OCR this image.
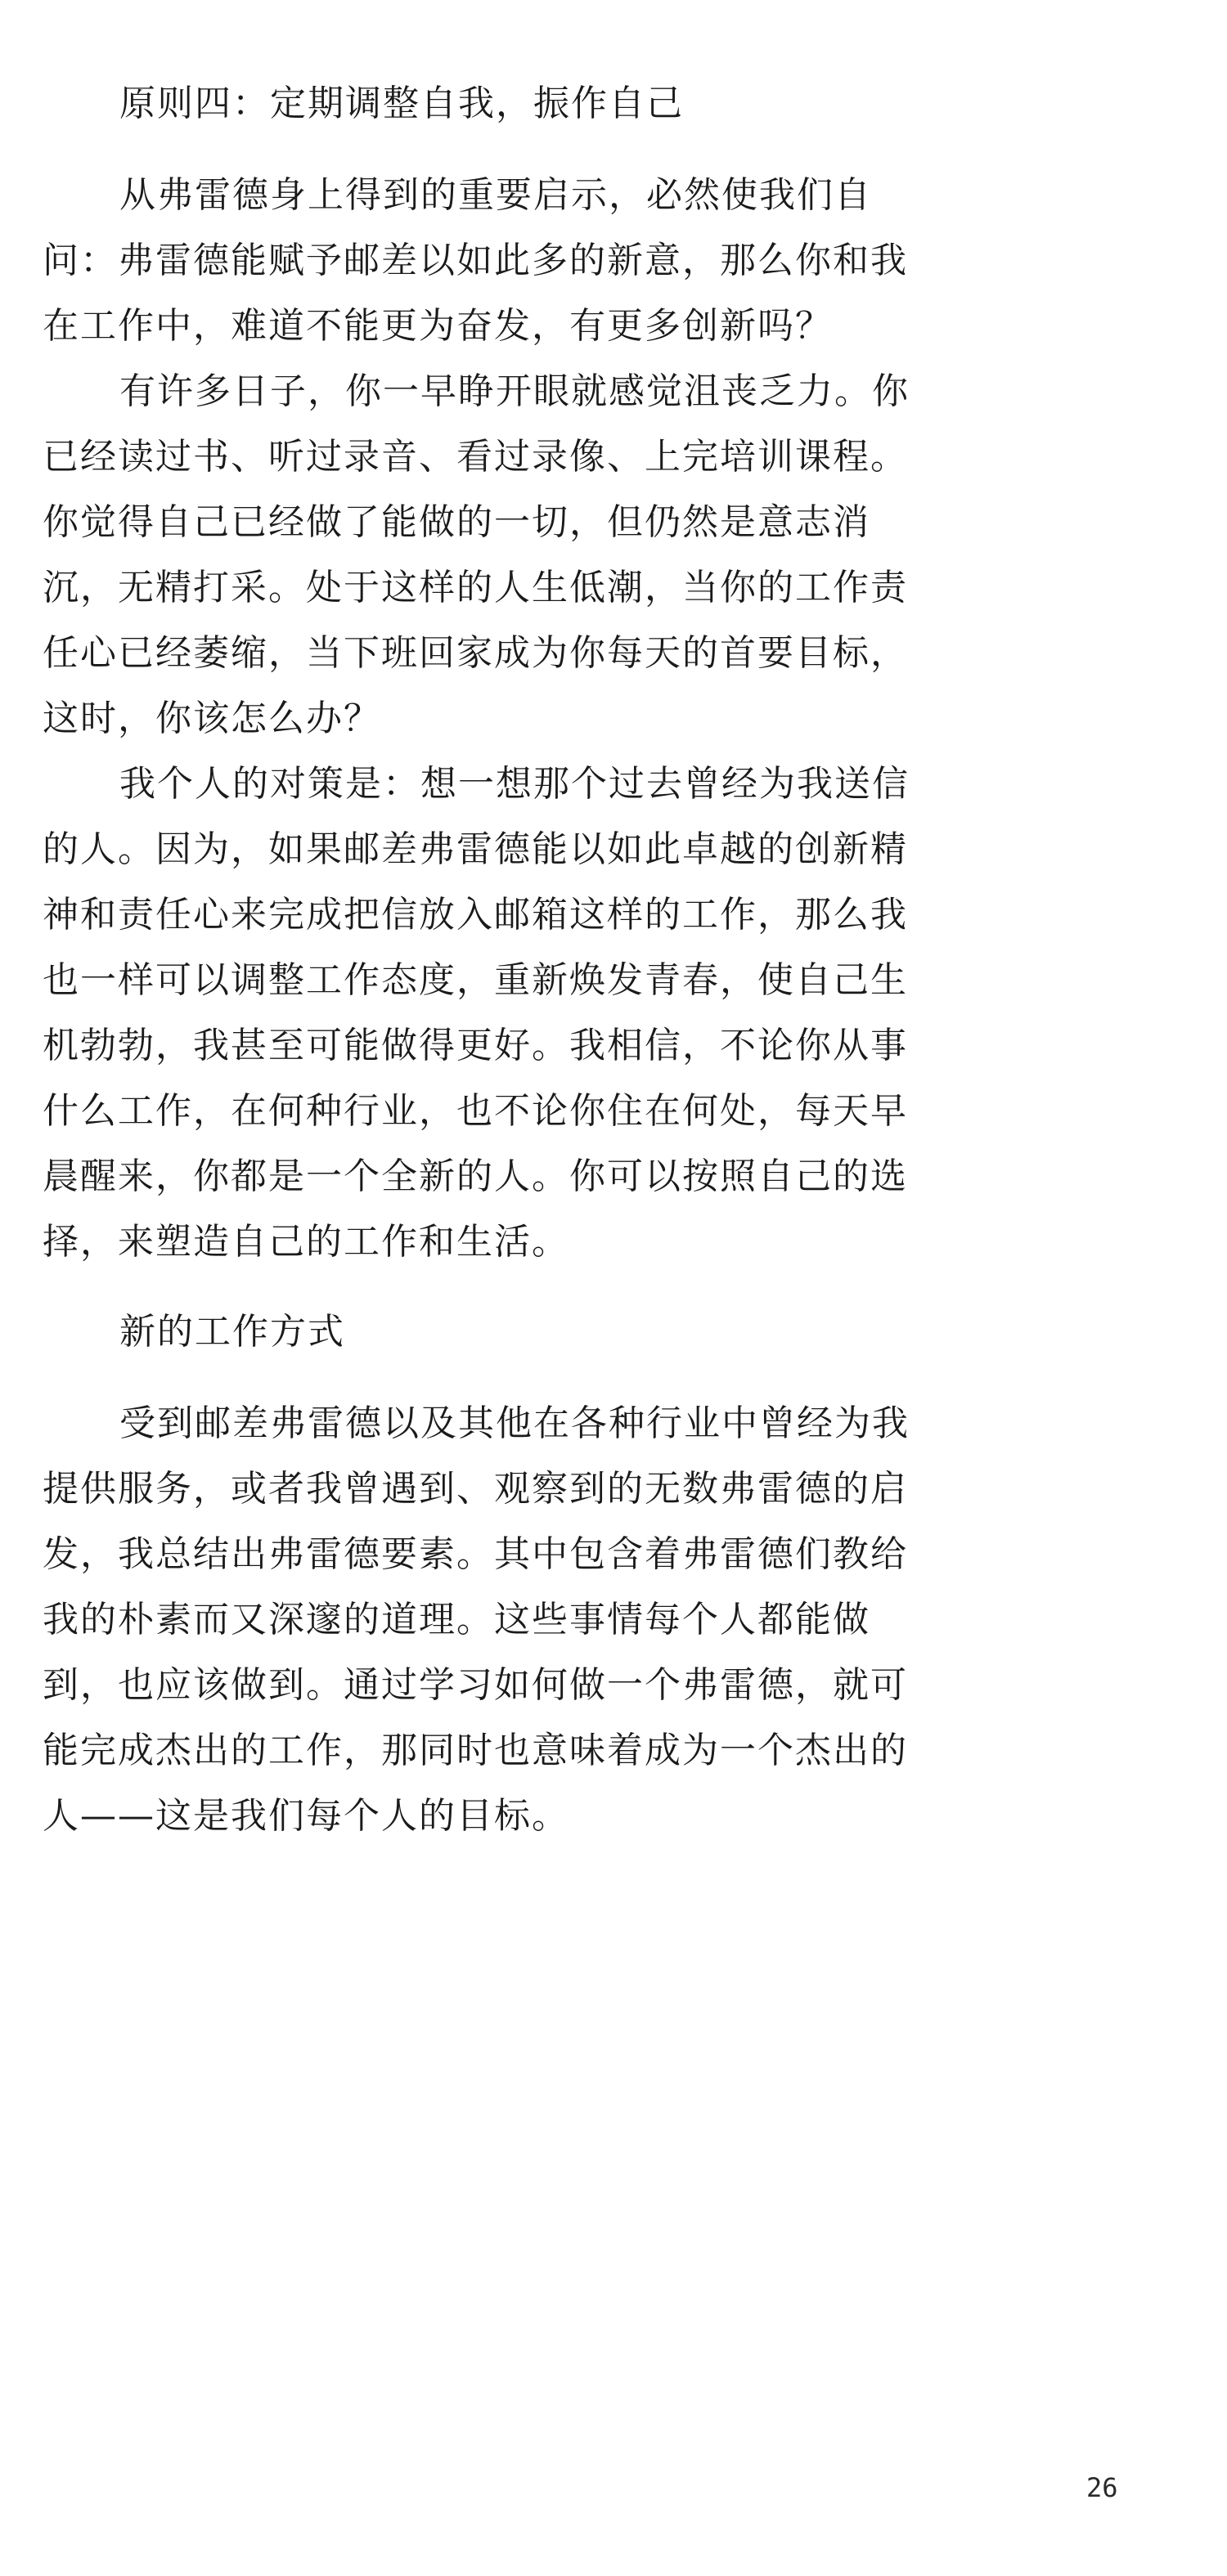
原则四：定期调整自我，振作自己
从弗雷德身上得到的重要启示，必然使我们自
问：弗雷德能赋予邮差以如此多的新意，那么你和我
在工作中，难道不能更为奋发，有更多创新吗？
有许多日子，你一早睁开眼就感觉沮丧乏力。你
已经读过书、听过录音、看过录像、上完培训课程。
你觉得自己已经做了能做的一切，但仍然是意志消
沉，无精打采。处于这样的人生低潮，当你的工作责
任心已经萎缩，当下班回家成为你每天的首要目标，
这时，你该怎么办？
我个人的对策是：想一想那个过去曾经为我送信
的人。因为，如果邮差弗雷德能以如此卓越的创新精
神和责任心来完成把信放入邮箱这样的工作，那么我
也一样可以调整工作态度，重新焕发青春，使自己生
机勃勃，我甚至可能做得更好。我相信，不论你从事
什么工作，在何种行业，也不论你住在何处，每天早
晨醒来，你都是一个全新的人。你可以按照自己的选
择，来塑造自己的工作和生活。
新的工作方式
受到邮差弗雷德以及其他在各种行业中曾经为我
提供服务，或者我曾遇到、观察到的无数弗雷德的启
发，我总结出弗雷德要素。其中包含着弗雷德们教给
我的朴素而又深邃的道理。这些事情每个人都能做
到，也应该做到。通过学习如何做一个弗雷德，就可
能完成杰出的工作，那同时也意味着成为一个杰出的
人——这是我们每个人的目标。
26
